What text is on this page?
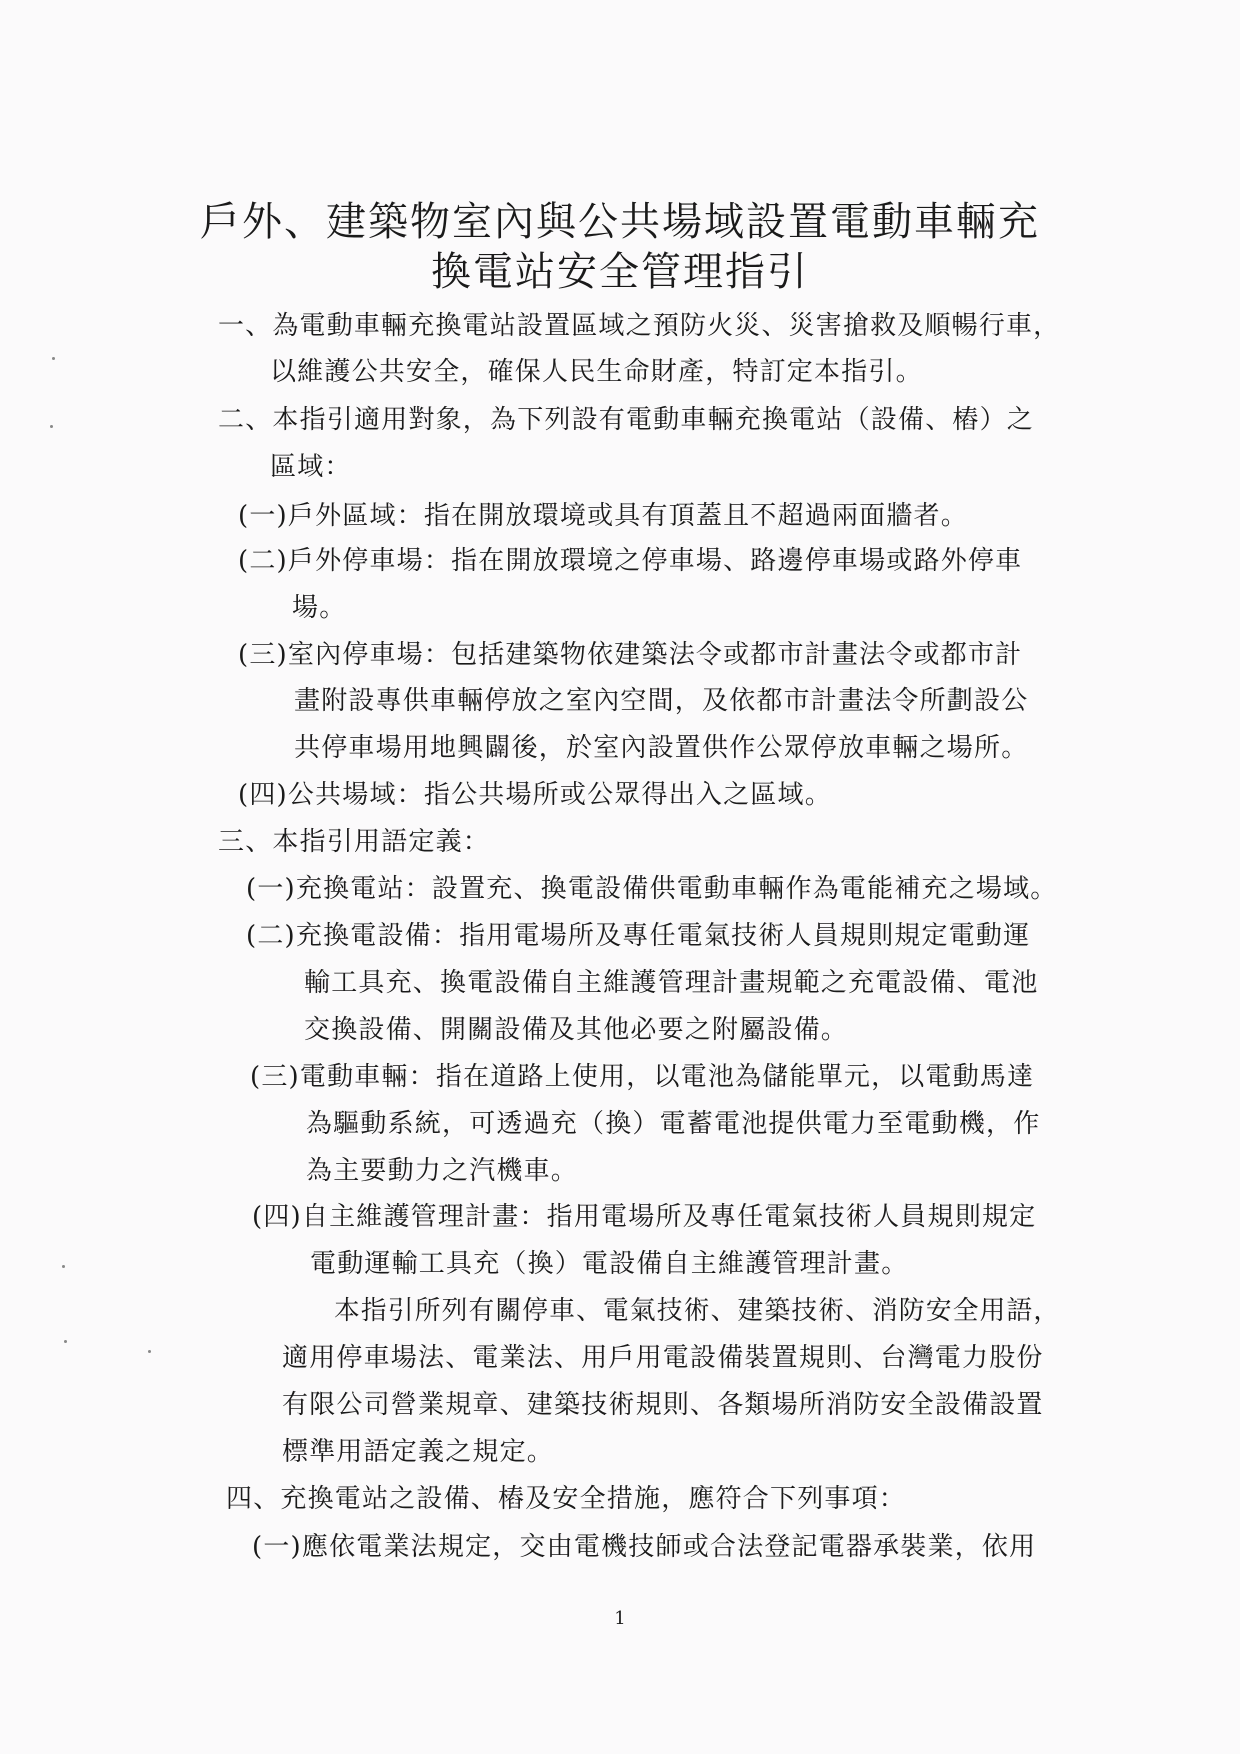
戶外、建築物室內與公共場域設置電動車輛充
換電站安全管理指引
一、為電動車輛充換電站設置區域之預防火災、災害搶救及順暢行車，
以維護公共安全，確保人民生命財產，特訂定本指引。
二、本指引適用對象，為下列設有電動車輛充換電站（設備、樁）之
區域：
(一)戶外區域：指在開放環境或具有頂蓋且不超過兩面牆者。
(二)戶外停車場：指在開放環境之停車場、路邊停車場或路外停車
場。
(三)室內停車場：包括建築物依建築法令或都市計畫法令或都市計
畫附設專供車輛停放之室內空間，及依都市計畫法令所劃設公
共停車場用地興闢後，於室內設置供作公眾停放車輛之場所。
(四)公共場域：指公共場所或公眾得出入之區域。
三、本指引用語定義：
(一)充換電站：設置充、換電設備供電動車輛作為電能補充之場域。
(二)充換電設備：指用電場所及專任電氣技術人員規則規定電動運
輸工具充、換電設備自主維護管理計畫規範之充電設備、電池
交換設備、開關設備及其他必要之附屬設備。
(三)電動車輛：指在道路上使用，以電池為儲能單元，以電動馬達
為驅動系統，可透過充（換）電蓄電池提供電力至電動機，作
為主要動力之汽機車。
(四)自主維護管理計畫：指用電場所及專任電氣技術人員規則規定
電動運輸工具充（換）電設備自主維護管理計畫。
本指引所列有關停車、電氣技術、建築技術、消防安全用語，
適用停車場法、電業法、用戶用電設備裝置規則、台灣電力股份
有限公司營業規章、建築技術規則、各類場所消防安全設備設置
標準用語定義之規定。
四、充換電站之設備、樁及安全措施，應符合下列事項：
(一)應依電業法規定，交由電機技師或合法登記電器承裝業，依用
1
